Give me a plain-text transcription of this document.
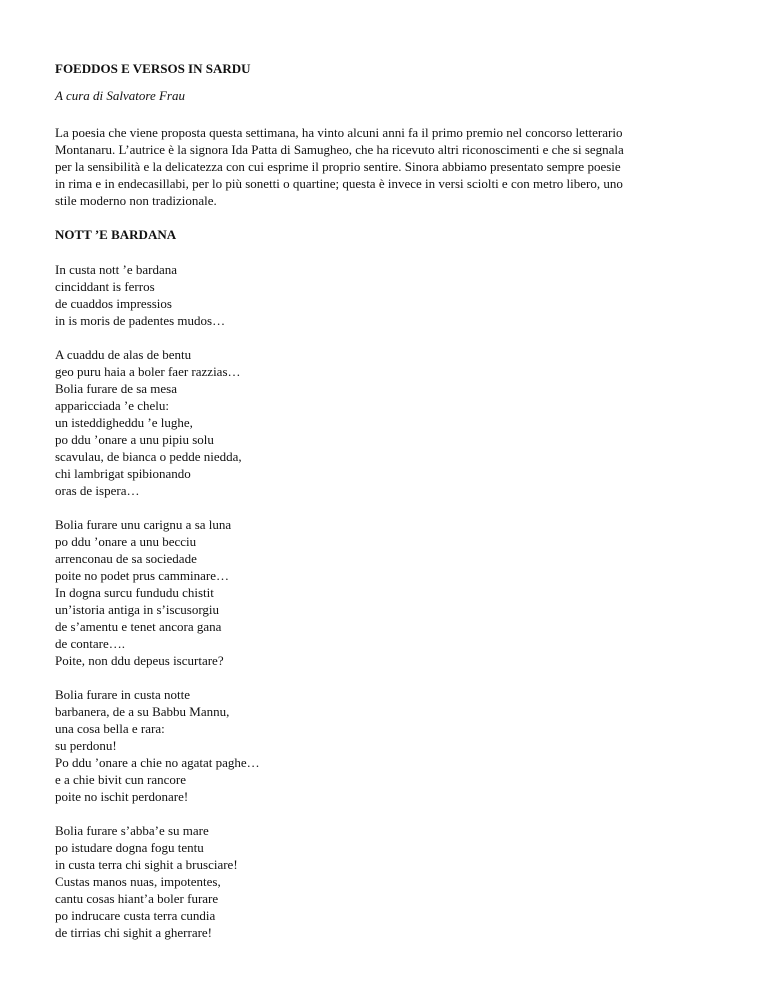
FOEDDOS E VERSOS IN SARDU
A cura di Salvatore Frau
La poesia che viene proposta questa settimana, ha vinto alcuni anni fa il primo premio nel concorso letterario
Montanaru. L’autrice è la signora Ida Patta di Samugheo, che ha ricevuto altri riconoscimenti e che si segnala
per la sensibilità e la delicatezza con cui esprime il proprio sentire. Sinora abbiamo presentato sempre poesie
in rima e in endecasillabi, per lo più sonetti o quartine; questa è invece in versi sciolti e con metro libero, uno
stile moderno non tradizionale.
NOTT ’E BARDANA
In custa nott ’e bardana
cinciddant is ferros
de cuaddos impressios
in is moris de padentes mudos…
A cuaddu de alas de bentu
geo puru haia a boler faer razzias…
Bolia furare de sa mesa
apparicciada ’e chelu:
un isteddigheddu ’e lughe,
po ddu ’onare a unu pipiu solu
scavulau, de bianca o pedde niedda,
chi lambrigat spibionando
oras de ispera…
Bolia furare unu carignu a sa luna
po ddu ’onare a unu becciu
arrenconau de sa sociedade
poite no podet prus camminare…
In dogna surcu fundudu chistit
un’istoria antiga in s’iscusorgiu
de s’amentu e tenet ancora gana
de contare….
Poite, non ddu depeus iscurtare?
Bolia furare in custa notte
barbanera, de a su Babbu Mannu,
una cosa bella e rara:
su perdonu!
Po ddu ’onare a chie no agatat paghe…
e a chie bivit cun rancore
poite no ischit perdonare!
Bolia furare s’abba’e su mare
po istudare dogna fogu tentu
in custa terra chi sighit a brusciare!
Custas manos nuas, impotentes,
cantu cosas hiant’a boler furare
po indrucare custa terra cundia
de tirrias chi sighit a gherrare!
